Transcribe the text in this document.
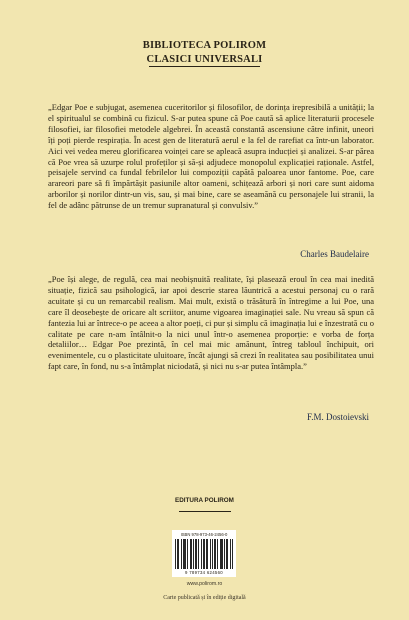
BIBLIOTECA POLIROM
CLASICI UNIVERSALI

„Edgar Poe e subjugat, asemenea cuceritorilor și filosofilor, de dorința irepresibilă a unității; la el spiritualul se combină cu fizicul. S-ar putea spune că Poe caută să aplice literaturii procesele filosofiei, iar filosofiei metodele algebrei. În această constantă ascensiune către infinit, uneori îți poți pierde respirația. În acest gen de literatură aerul e la fel de rarefiat ca într-un laborator. Aici vei vedea mereu glorificarea voinței care se apleacă asupra inducției și analizei. S-ar părea că Poe vrea să uzurpe rolul profeților și să-și adjudece monopolul explicației raționale. Astfel, peisajele servind ca fundal febrilelor lui compoziții capătă paloarea unor fantome. Poe, care arareori pare să fi împărtășit pasiunile altor oameni, schițează arbori și nori care sunt aidoma arborilor și norilor dintr-un vis, sau, și mai bine, care se aseamănă cu personajele lui stranii, la fel de adânc pătrunse de un tremur supranatural și convulsiv.”

Charles Baudelaire

„Poe își alege, de regulă, cea mai neobișnuită realitate, își plasează eroul în cea mai inedită situație, fizică sau psihologică, iar apoi descrie starea lăuntrică a acestui personaj cu o rară acuitate și cu un remarcabil realism. Mai mult, există o trăsătură în întregime a lui Poe, una care îl deosebește de oricare alt scriitor, anume vigoarea imaginației sale. Nu vreau să spun că fantezia lui ar întrece-o pe aceea a altor poeți, ci pur și simplu că imaginația lui e înzestrată cu o calitate pe care n-am întâlnit-o la nici unul într-o asemenea proporție: e vorba de forța detaliilor… Edgar Poe prezintă, în cel mai mic amănunt, întreg tabloul închipuit, ori evenimentele, cu o plasticitate uluitoare, încât ajungi să crezi în realitatea sau posibilitatea unui fapt care, în fond, nu s-a întâmplat niciodată, și nici nu s-ar putea întâmpla.”

F.M. Dostoievski
EDITURA POLIROM
ISBN 978-973-46-2456-0
9 789734 624560
www.polirom.ro
Carte publicată și în ediție digitală
